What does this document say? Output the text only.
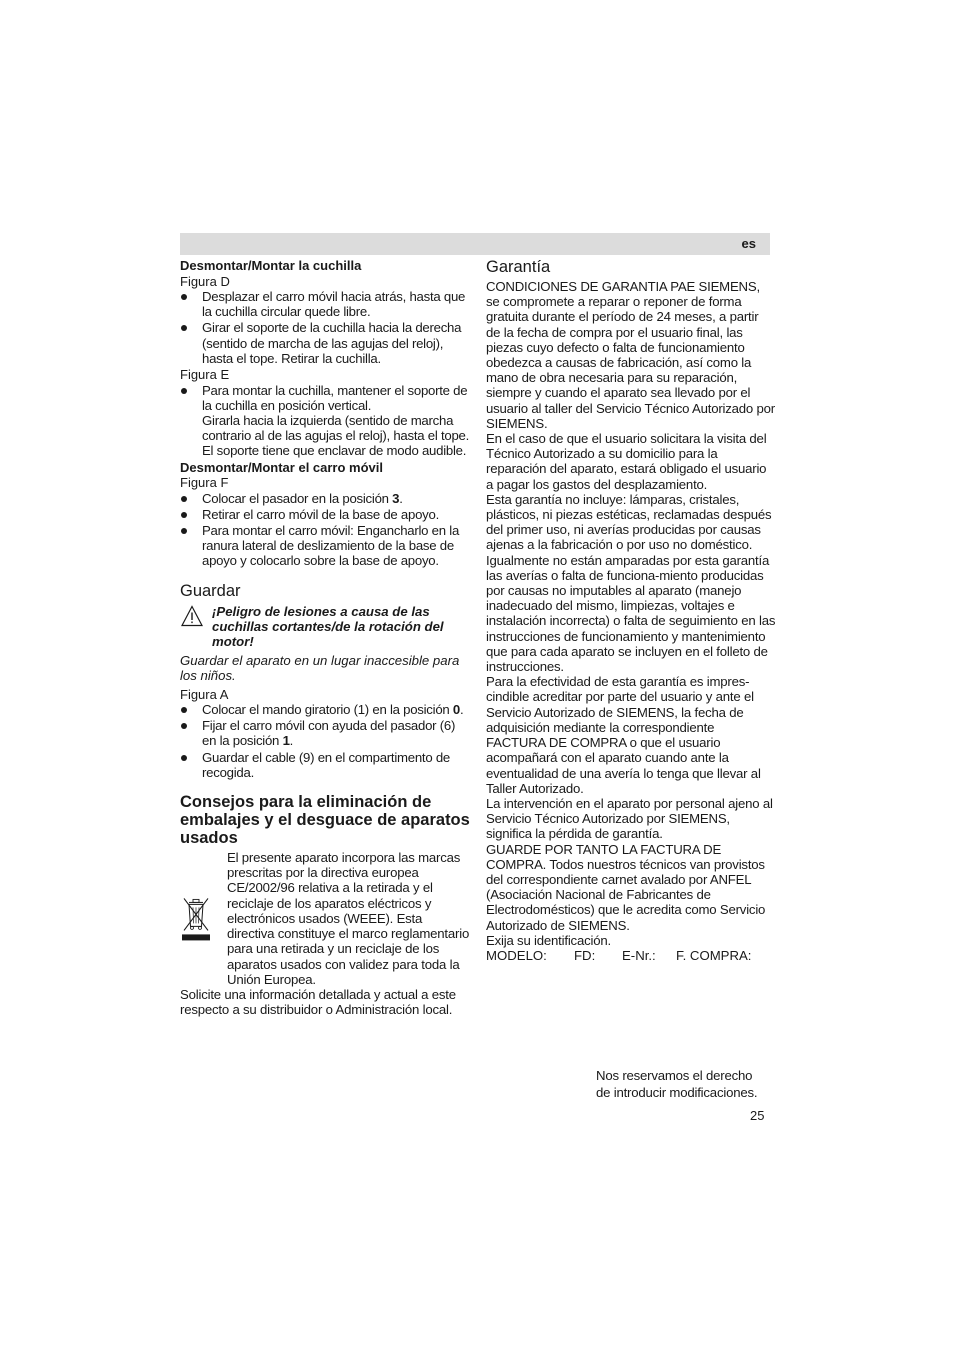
es

Desmontar/Montar la cuchilla

Figura D

Desplazar el carro móvil hacia atrás, hasta que la cuchilla circular quede libre.
Girar el soporte de la cuchilla hacia la derecha (sentido de marcha de las agujas del reloj), hasta el tope. Retirar la cuchilla.

Figura E

Para montar la cuchilla, mantener el soporte de la cuchilla en posición vertical.
Girarla hacia la izquierda (sentido de marcha contrario al de las agujas el reloj), hasta el tope. El soporte tiene que enclavar de modo audible.

Desmontar/Montar el carro móvil

Figura F

Colocar el pasador en la posición 3.
Retirar el carro móvil de la base de apoyo.
Para montar el carro móvil: Engancharlo en la ranura lateral de deslizamiento de la base de apoyo y colocarlo sobre la base de apoyo.
Guardar
¡Peligro de lesiones a causa de las cuchillas cortantes/de la rotación del motor!

Guardar el aparato en un lugar inaccesible para los niños.

Figura A

Colocar el mando giratorio (1) en la posición 0.
Fijar el carro móvil con ayuda del pasador (6) en la posición 1.
Guardar el cable (9) en el compartimento de recogida.
Consejos para la eliminación de embalajes y el desguace de aparatos usados
El presente aparato incorpora las marcas prescritas por la directiva europea CE/2002/96 relativa a la retirada y el reciclaje de los aparatos eléctricos y electrónicos usados (WEEE). Esta directiva constituye el marco reglamentario para una retirada y un reciclaje de los aparatos usados con validez para toda la Unión Europea.

Solicite una información detallada y actual a este respecto a su distribuidor o Administración local.

Garantía

CONDICIONES DE GARANTIA PAE SIEMENS, se compromete a reparar o reponer de forma gratuita durante el período de 24 meses, a partir de la fecha de compra por el usuario final, las piezas cuyo defecto o falta de funcionamiento obedezca a causas de fabricación, así como la mano de obra necesaria para su reparación, siempre y cuando el aparato sea llevado por el usuario al taller del Servicio Técnico Autorizado por SIEMENS.

En el caso de que el usuario solicitara la visita del Técnico Autorizado a su domicilio para la reparación del aparato, estará obligado el usuario a pagar los gastos del desplazamiento.

Esta garantía no incluye: lámparas, cristales, plásticos, ni piezas estéticas, reclamadas después del primer uso, ni averías producidas por causas ajenas a la fabricación o por uso no doméstico. Igualmente no están amparadas por esta garantía las averías o falta de funciona-miento producidas por causas no imputables al aparato (manejo inadecuado del mismo, limpiezas, voltajes e instalación incorrecta) o falta de seguimiento en las instrucciones de funcionamiento y mantenimiento que para cada aparato se incluyen en el folleto de instrucciones.

Para la efectividad de esta garantía es impres-cindible acreditar por parte del usuario y ante el Servicio Autorizado de SIEMENS, la fecha de adquisición mediante la correspondiente FACTURA DE COMPRA o que el usuario acompañará con el aparato cuando ante la eventualidad de una avería lo tenga que llevar al Taller Autorizado.

La intervención en el aparato por personal ajeno al Servicio Técnico Autorizado por SIEMENS, significa la pérdida de garantía.

GUARDE POR TANTO LA FACTURA DE COMPRA. Todos nuestros técnicos van provistos del correspondiente carnet avalado por ANFEL (Asociación Nacional de Fabricantes de Electrodomésticos) que le acredita como Servicio Autorizado de SIEMENS.

Exija su identificación.

MODELO:	FD:	E-Nr.:	F. COMPRA:
Nos reservamos el derecho
de introducir modificaciones.
25
